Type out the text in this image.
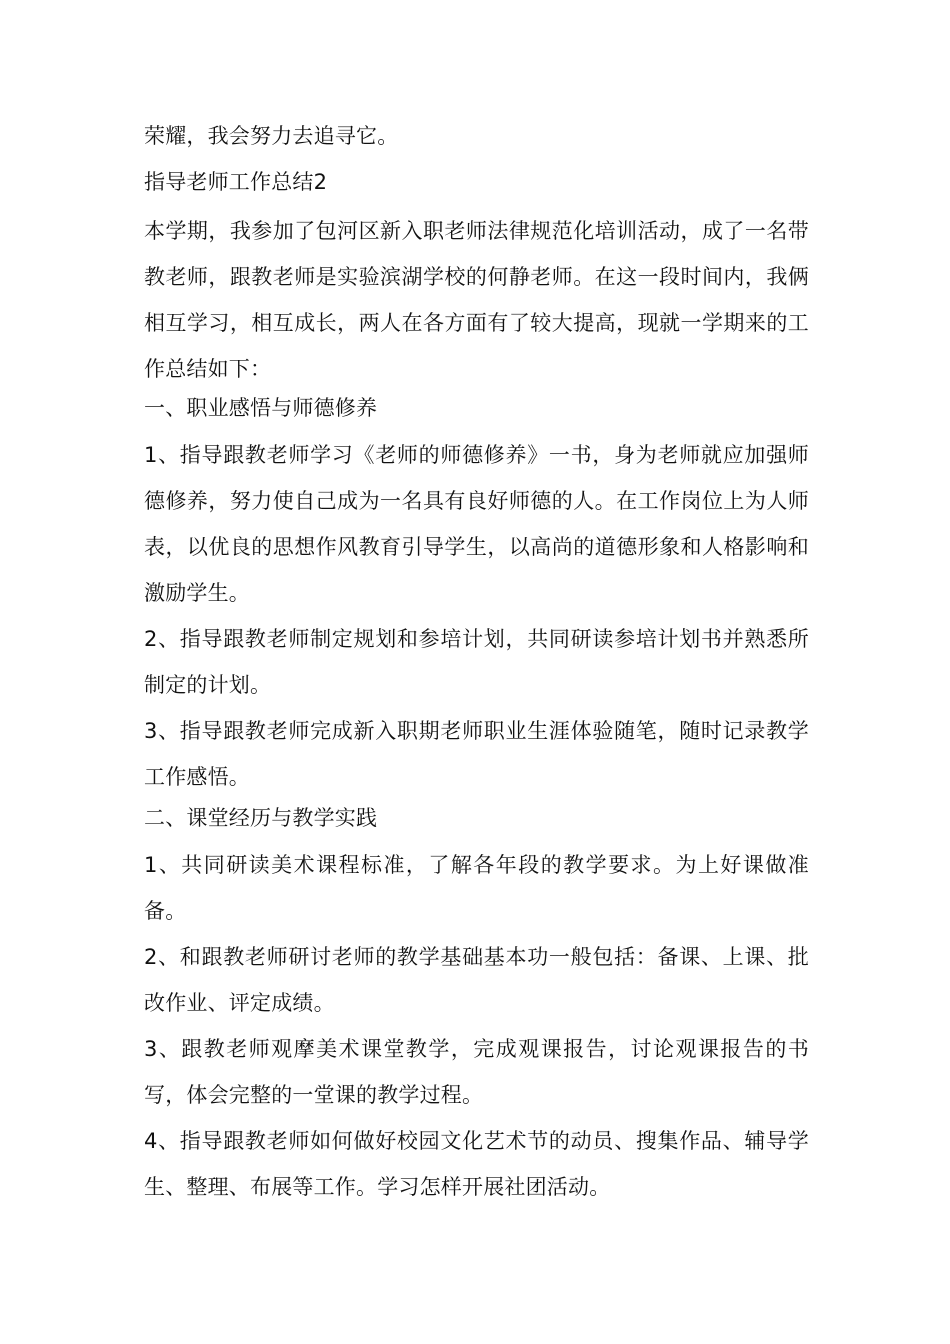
荣耀，我会努力去追寻它。
指导老师工作总结2
本学期，我参加了包河区新入职老师法律规范化培训活动，成了一名带教老师，跟教老师是实验滨湖学校的何静老师。在这一段时间内，我俩相互学习，相互成长，两人在各方面有了较大提高，现就一学期来的工作总结如下：
一、职业感悟与师德修养
1、指导跟教老师学习《老师的师德修养》一书，身为老师就应加强师德修养，努力使自己成为一名具有良好师德的人。在工作岗位上为人师表，以优良的思想作风教育引导学生，以高尚的道德形象和人格影响和激励学生。
2、指导跟教老师制定规划和参培计划，共同研读参培计划书并熟悉所制定的计划。
3、指导跟教老师完成新入职期老师职业生涯体验随笔，随时记录教学工作感悟。
二、课堂经历与教学实践
1、共同研读美术课程标准，了解各年段的教学要求。为上好课做准备。
2、和跟教老师研讨老师的教学基础基本功一般包括：备课、上课、批改作业、评定成绩。
3、跟教老师观摩美术课堂教学，完成观课报告，讨论观课报告的书写，体会完整的一堂课的教学过程。
4、指导跟教老师如何做好校园文化艺术节的动员、搜集作品、辅导学生、整理、布展等工作。学习怎样开展社团活动。
